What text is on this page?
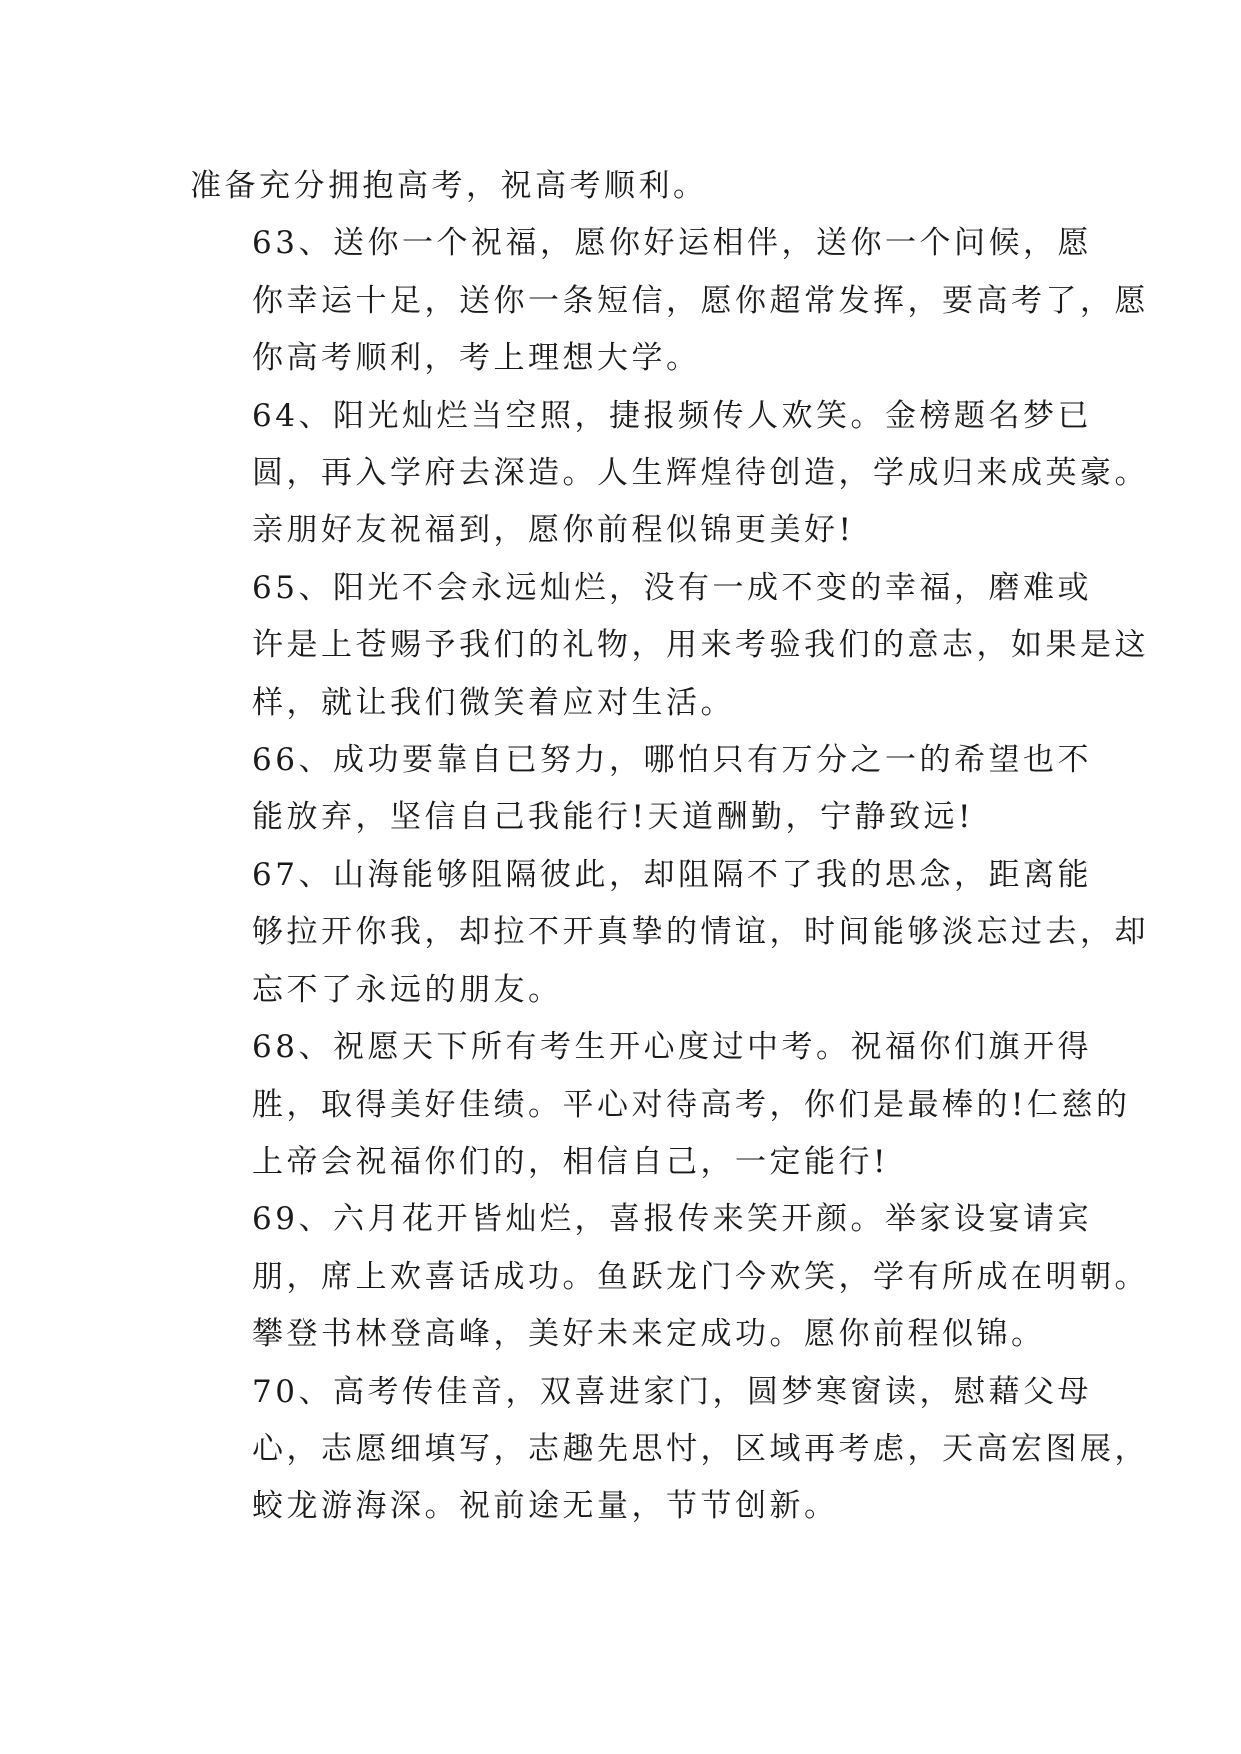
准备充分拥抱高考，祝高考顺利。

63、送你一个祝福，愿你好运相伴，送你一个问候，愿
你幸运十足，送你一条短信，愿你超常发挥，要高考了，愿
你高考顺利，考上理想大学。

64、阳光灿烂当空照，捷报频传人欢笑。金榜题名梦已
圆，再入学府去深造。人生辉煌待创造，学成归来成英豪。
亲朋好友祝福到，愿你前程似锦更美好!

65、阳光不会永远灿烂，没有一成不变的幸福，磨难或
许是上苍赐予我们的礼物，用来考验我们的意志，如果是这
样，就让我们微笑着应对生活。

66、成功要靠自已努力，哪怕只有万分之一的希望也不
能放弃，坚信自己我能行!天道酬勤，宁静致远!

67、山海能够阻隔彼此，却阻隔不了我的思念，距离能
够拉开你我，却拉不开真挚的情谊，时间能够淡忘过去，却
忘不了永远的朋友。

68、祝愿天下所有考生开心度过中考。祝福你们旗开得
胜，取得美好佳绩。平心对待高考，你们是最棒的!仁慈的
上帝会祝福你们的，相信自己，一定能行!

69、六月花开皆灿烂，喜报传来笑开颜。举家设宴请宾
朋，席上欢喜话成功。鱼跃龙门今欢笑，学有所成在明朝。
攀登书林登高峰，美好未来定成功。愿你前程似锦。

70、高考传佳音，双喜进家门，圆梦寒窗读，慰藉父母
心，志愿细填写，志趣先思忖，区域再考虑，天高宏图展，
蛟龙游海深。祝前途无量，节节创新。
